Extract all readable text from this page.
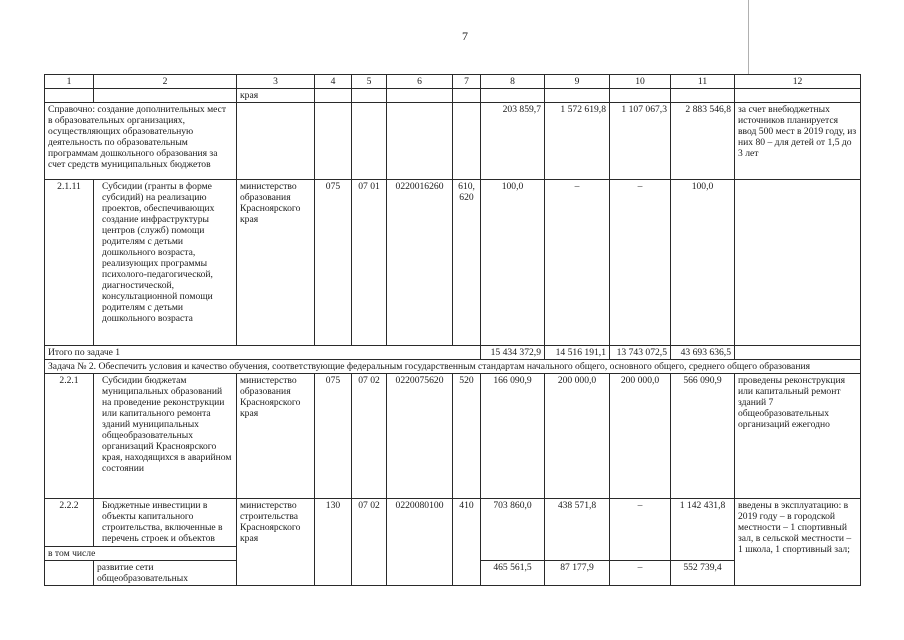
7
1	2	3	4	5	6	7	8	9	10	11	12
		края									
Справочно: создание дополнительных мест в образовательных организациях, осуществляющих образовательную деятельность по образовательным программам дошкольного образования за счет средств муниципальных бюджетов							203 859,7	1 572 619,8	1 107 067,3	2 883 546,8	за счет внебюджетных источников планируется ввод 500 мест в 2019 году, из них 80 – для детей от 1,5 до 3 лет
2.1.11	Субсидии (гранты в форме субсидий) на реализацию проектов, обеспечивающих создание инфраструктуры центров (служб) помощи родителям с детьми дошкольного возраста, реализующих программы психолого-педагогической, диагностической, консультационной помощи родителям с детьми дошкольного возраста	министерство образования Красноярского края	075	07 01	0220016260	610, 620	100,0	–	–	100,0	
Итого по задаче 1							15 434 372,9	14 516 191,1	13 743 072,5	43 693 636,5	
Задача № 2. Обеспечить условия и качество обучения, соответствующие федеральным государственным стандартам начального общего, основного общего, среднего общего образования											
2.2.1	Субсидии бюджетам муниципальных образований на проведение реконструкции или капитального ремонта зданий муниципальных общеобразовательных организаций Красноярского края, находящихся в аварийном состоянии	министерство образования Красноярского края	075	07 02	0220075620	520	166 090,9	200 000,0	200 000,0	566 090,9	проведены реконструкция или капитальный ремонт зданий 7 общеобразовательных организаций ежегодно
2.2.2	Бюджетные инвестиции в объекты капитального строительства, включенные в перечень строек и объектов	министерство строительства Красноярского края	130	07 02	0220080100	410	703 860,0	438 571,8	–	1 142 431,8	введены в эксплуатацию: в 2019 году – в городской местности – 1 спортивный зал, в сельской местности – 1 школа, 1 спортивный зал;
в том числе											
	развитие сети общеобразовательных						465 561,5	87 177,9	–	552 739,4	
